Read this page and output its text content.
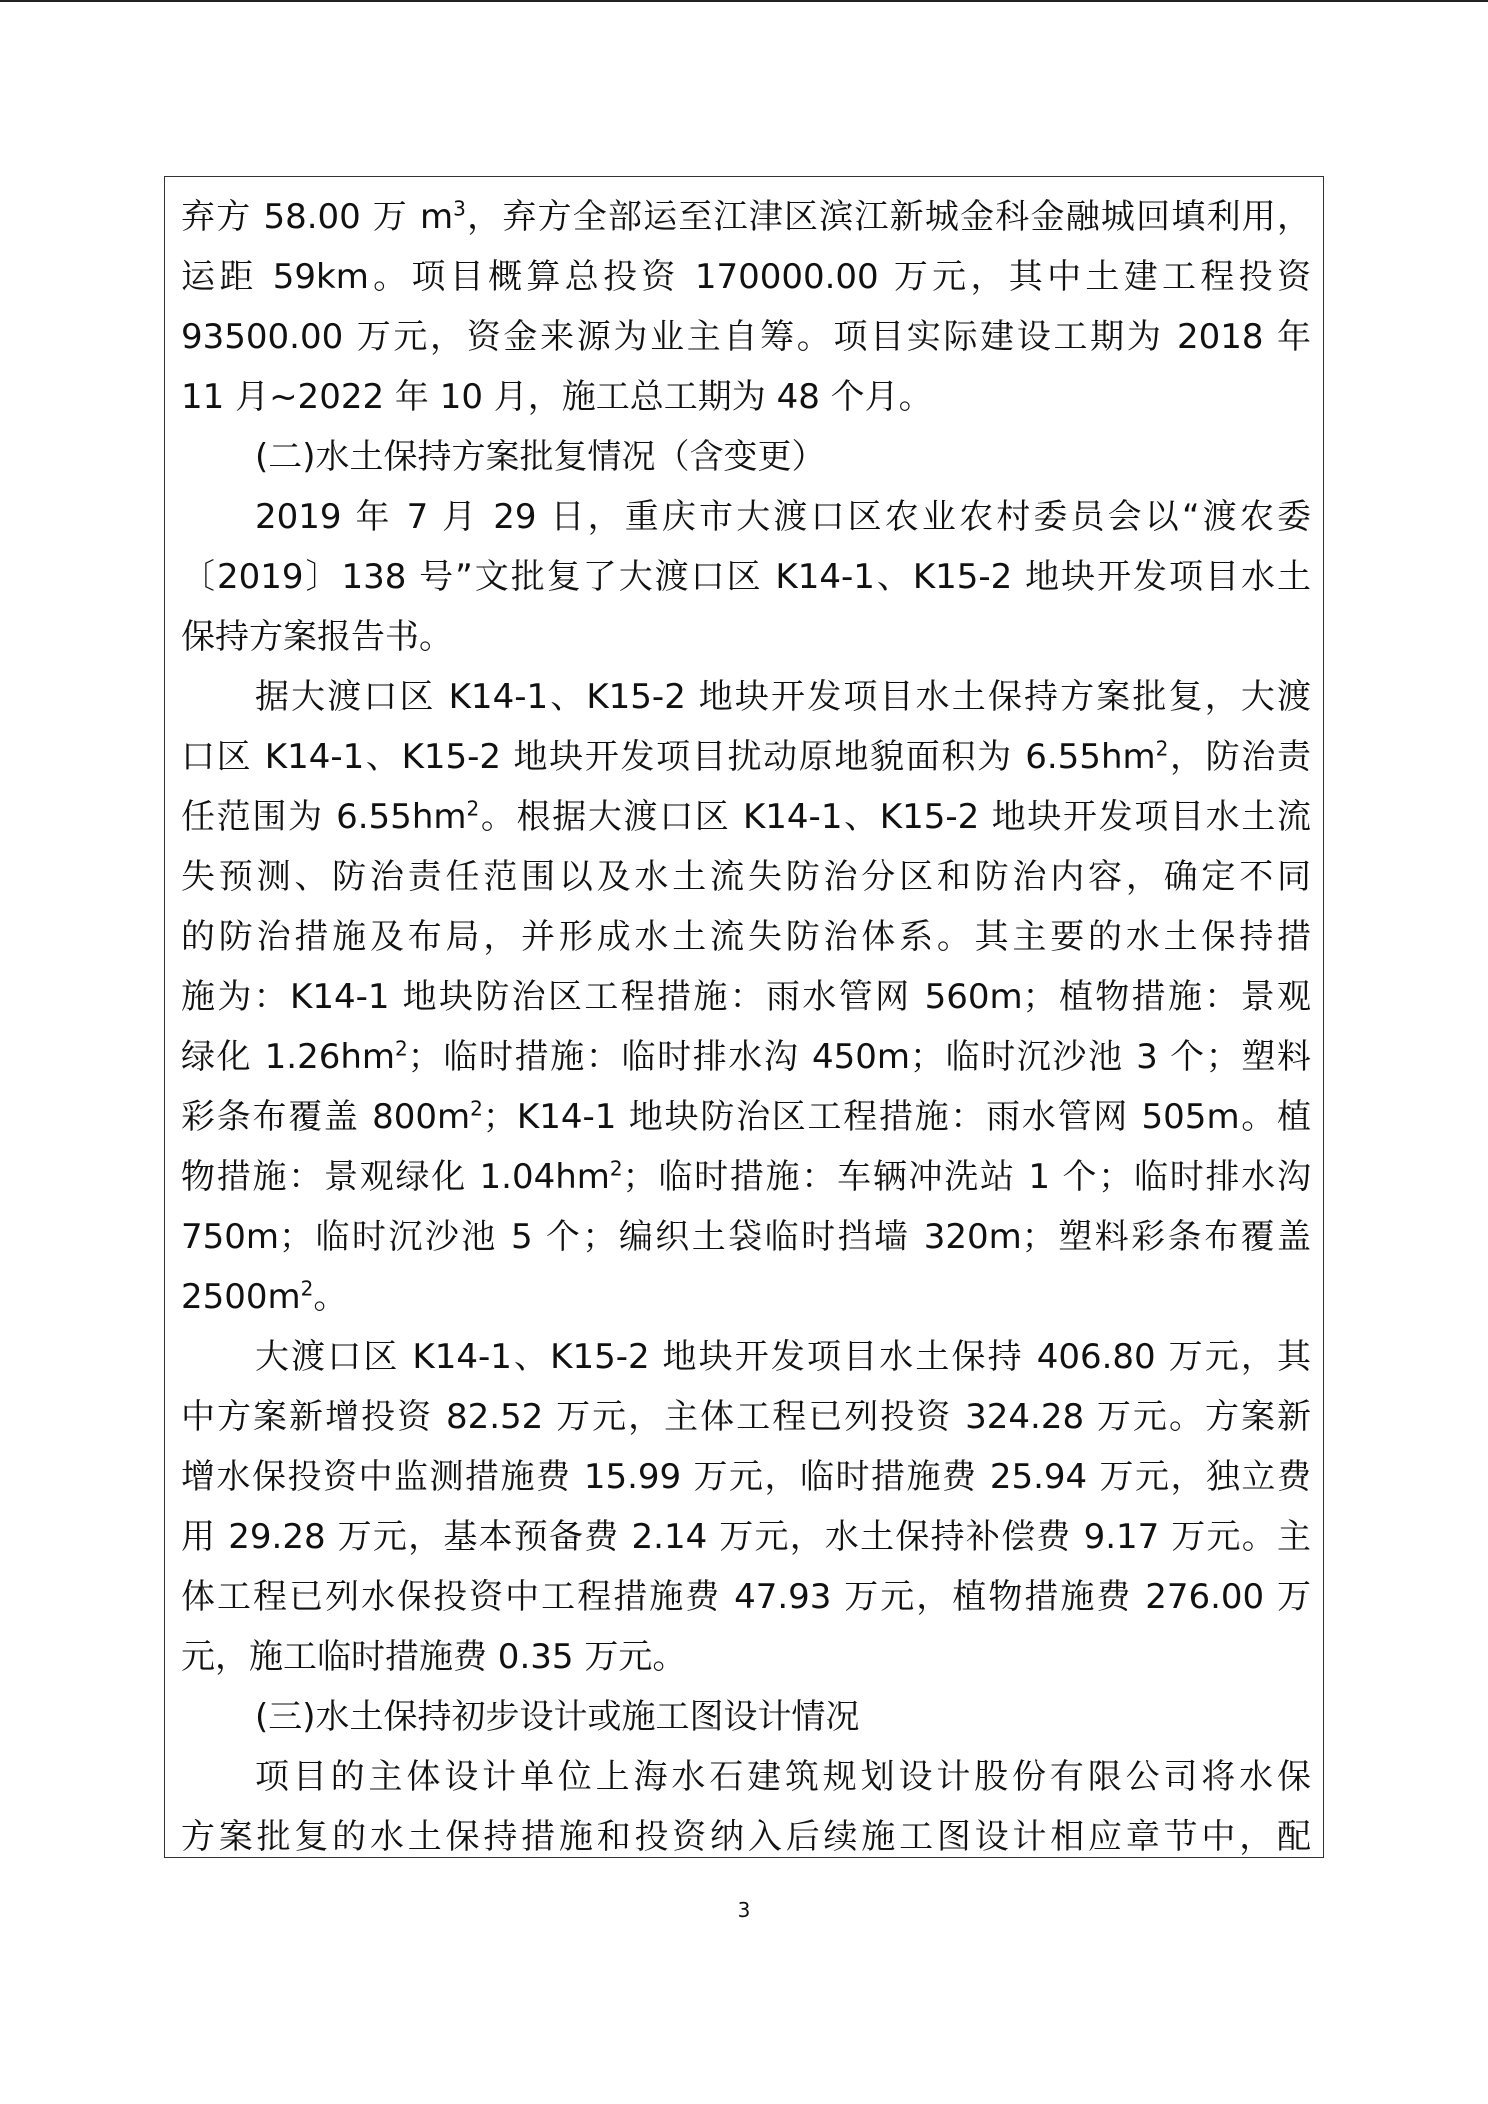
弃方 58.00 万 $m^3$，弃方全部运至江津区滨江新城金科金融城回填利用，
运距 59km。项目概算总投资 170000.00 万元，其中土建工程投资
93500.00 万元，资金来源为业主自筹。项目实际建设工期为 2018 年
11 月~2022 年 10 月，施工总工期为 48 个月。
(二)水土保持方案批复情况（含变更）
2019 年 7 月 29 日，重庆市大渡口区农业农村委员会以“渡农委
〔2019〕138 号”文批复了大渡口区 K14-1、K15-2 地块开发项目水土
保持方案报告书。
据大渡口区 K14-1、K15-2 地块开发项目水土保持方案批复，大渡
口区 K14-1、K15-2 地块开发项目扰动原地貌面积为 $6.55hm^2$，防治责
任范围为 $6.55hm^2$。根据大渡口区 K14-1、K15-2 地块开发项目水土流
失预测、防治责任范围以及水土流失防治分区和防治内容，确定不同
的防治措施及布局，并形成水土流失防治体系。其主要的水土保持措
施为：K14-1 地块防治区工程措施：雨水管网 560m；植物措施：景观
绿化 $1.26hm^2$；临时措施：临时排水沟 450m；临时沉沙池 3 个；塑料
彩条布覆盖 $800m^2$；K14-1 地块防治区工程措施：雨水管网 505m。植
物措施：景观绿化 $1.04hm^2$；临时措施：车辆冲洗站 1 个；临时排水沟
750m；临时沉沙池 5 个；编织土袋临时挡墙 320m；塑料彩条布覆盖
$2500m^2$。
大渡口区 K14-1、K15-2 地块开发项目水土保持 406.80 万元，其
中方案新增投资 82.52 万元，主体工程已列投资 324.28 万元。方案新
增水保投资中监测措施费 15.99 万元，临时措施费 25.94 万元，独立费
用 29.28 万元，基本预备费 2.14 万元，水土保持补偿费 9.17 万元。主
体工程已列水保投资中工程措施费 47.93 万元，植物措施费 276.00 万
元，施工临时措施费 0.35 万元。
(三)水土保持初步设计或施工图设计情况
项目的主体设计单位上海水石建筑规划设计股份有限公司将水保
方案批复的水土保持措施和投资纳入后续施工图设计相应章节中，配
3
